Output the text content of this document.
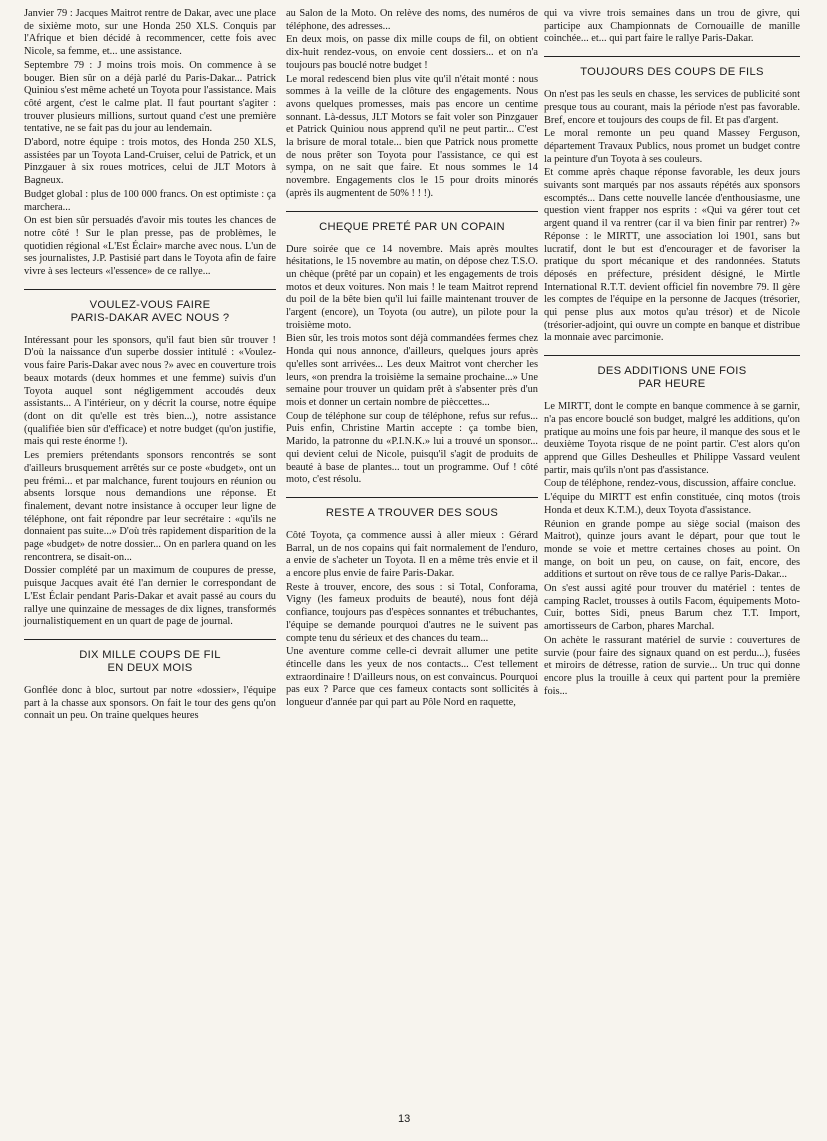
Janvier 79 : Jacques Maitrot rentre de Dakar, avec une place de sixième moto, sur une Honda 250 XLS. Conquis par l'Afrique et bien décidé à recommencer, cette fois avec Nicole, sa femme, et... une assistance.

Septembre 79 : J moins trois mois. On commence à se bouger. Bien sûr on a déjà parlé du Paris-Dakar... Patrick Quiniou s'est même acheté un Toyota pour l'assistance. Mais côté argent, c'est le calme plat. Il faut pourtant s'agiter : trouver plusieurs millions, surtout quand c'est une première tentative, ne se fait pas du jour au lendemain.

D'abord, notre équipe : trois motos, des Honda 250 XLS, assistées par un Toyota Land-Cruiser, celui de Patrick, et un Pinzgauer à six roues motrices, celui de JLT Motors à Bagneux.

Budget global : plus de 100 000 francs. On est optimiste : ça marchera...

On est bien sûr persuadés d'avoir mis toutes les chances de notre côté ! Sur le plan presse, pas de problèmes, le quotidien régional «L'Est Éclair» marche avec nous. L'un de ses journalistes, J.P. Pastisié part dans le Toyota afin de faire vivre à ses lecteurs «l'essence» de ce rallye...

VOULEZ-VOUS FAIRE
PARIS-DAKAR AVEC NOUS ?

Intéressant pour les sponsors, qu'il faut bien sûr trouver ! D'où la naissance d'un superbe dossier intitulé : «Voulez-vous faire Paris-Dakar avec nous ?» avec en couverture trois beaux motards (deux hommes et une femme) suivis d'un Toyota auquel sont négligemment accoudés deux assistants... A l'intérieur, on y décrit la course, notre équipe (dont on dit qu'elle est très bien...), notre assistance (qualifiée bien sûr d'efficace) et notre budget (qu'on justifie, mais qui reste énorme !).

Les premiers prétendants sponsors rencontrés se sont d'ailleurs brusquement arrêtés sur ce poste «budget», ont un peu frémi... et par malchance, furent toujours en réunion ou absents lorsque nous demandions une réponse. Et finalement, devant notre insistance à occuper leur ligne de téléphone, ont fait répondre par leur secrétaire : «qu'ils ne donnaient pas suite...» D'où très rapidement disparition de la page «budget» de notre dossier... On en parlera quand on les rencontrera, se disait-on...

Dossier complété par un maximum de coupures de presse, puisque Jacques avait été l'an dernier le correspondant de L'Est Éclair pendant Paris-Dakar et avait passé au cours du rallye une quinzaine de messages de dix lignes, transformés journalistiquement en un quart de page de journal.

DIX MILLE COUPS DE FIL
EN DEUX MOIS

Gonflée donc à bloc, surtout par notre «dossier», l'équipe part à la chasse aux sponsors. On fait le tour des gens qu'on connait un peu. On traine quelques heures

au Salon de la Moto. On relève des noms, des numéros de téléphone, des adresses...

En deux mois, on passe dix mille coups de fil, on obtient dix-huit rendez-vous, on envoie cent dossiers... et on n'a toujours pas bouclé notre budget !

Le moral redescend bien plus vite qu'il n'était monté : nous sommes à la veille de la clôture des engagements. Nous avons quelques promesses, mais pas encore un centime sonnant. Là-dessus, JLT Motors se fait voler son Pinzgauer et Patrick Quiniou nous apprend qu'il ne peut partir... C'est la brisure de moral totale... bien que Patrick nous promette de nous prêter son Toyota pour l'assistance, ce qui est sympa, on ne sait que faire. Et nous sommes le 14 novembre. Engagements clos le 15 pour droits minorés (après ils augmentent de 50% ! ! !).

CHEQUE PRETÉ PAR UN COPAIN

Dure soirée que ce 14 novembre. Mais après moultes hésitations, le 15 novembre au matin, on dépose chez T.S.O. un chèque (prêté par un copain) et les engagements de trois motos et deux voitures. Non mais ! le team Maitrot reprend du poil de la bête bien qu'il lui faille maintenant trouver de l'argent (encore), un Toyota (ou autre), un pilote pour la troisième moto.

Bien sûr, les trois motos sont déjà commandées fermes chez Honda qui nous annonce, d'ailleurs, quelques jours après qu'elles sont arrivées... Les deux Maitrot vont chercher les leurs, «on prendra la troisième la semaine prochaine...» Une semaine pour trouver un quidam prêt à s'absenter près d'un mois et donner un certain nombre de pièccettes...

Coup de téléphone sur coup de téléphone, refus sur refus... Puis enfin, Christine Martin accepte : ça tombe bien, Marido, la patronne du «P.I.N.K.» lui a trouvé un sponsor... qui devient celui de Nicole, puisqu'il s'agit de produits de beauté à base de plantes... tout un programme. Ouf ! côté moto, c'est résolu.

RESTE A TROUVER DES SOUS

Côté Toyota, ça commence aussi à aller mieux : Gérard Barral, un de nos copains qui fait normalement de l'enduro, a envie de s'acheter un Toyota. Il en a même très envie et il a encore plus envie de faire Paris-Dakar.

Reste à trouver, encore, des sous : si Total, Conforama, Vigny (les fameux produits de beauté), nous font déjà confiance, toujours pas d'espèces sonnantes et trébuchantes, l'équipe se demande pourquoi d'autres ne le suivent pas compte tenu du sérieux et des chances du team...

Une aventure comme celle-ci devrait allumer une petite étincelle dans les yeux de nos contacts... C'est tellement extraordinaire ! D'ailleurs nous, on est convaincus. Pourquoi pas eux ? Parce que ces fameux contacts sont sollicités à longueur d'année par qui part au Pôle Nord en raquette,

qui va vivre trois semaines dans un trou de givre, qui participe aux Championnats de Cornouaille de manille coinchée... et... qui part faire le rallye Paris-Dakar.

TOUJOURS DES COUPS DE FILS

On n'est pas les seuls en chasse, les services de publicité sont presque tous au courant, mais la période n'est pas favorable. Bref, encore et toujours des coups de fil. Et pas d'argent.

Le moral remonte un peu quand Massey Ferguson, département Travaux Publics, nous promet un budget contre la peinture d'un Toyota à ses couleurs.

Et comme après chaque réponse favorable, les deux jours suivants sont marqués par nos assauts répétés aux sponsors escomptés... Dans cette nouvelle lancée d'enthousiasme, une question vient frapper nos esprits : «Qui va gérer tout cet argent quand il va rentrer (car il va bien finir par rentrer) ?» Réponse : le MIRTT, une association loi 1901, sans but lucratif, dont le but est d'encourager et de favoriser la pratique du sport mécanique et des randonnées. Statuts déposés en préfecture, président désigné, le Mirtle International R.T.T. devient officiel fin novembre 79. Il gère les comptes de l'équipe en la personne de Jacques (trésorier, qui pense plus aux motos qu'au trésor) et de Nicole (trésorier-adjoint, qui ouvre un compte en banque et distribue la monnaie avec parcimonie.

DES ADDITIONS UNE FOIS
PAR HEURE

Le MIRTT, dont le compte en banque commence à se garnir, n'a pas encore bouclé son budget, malgré les additions, qu'on pratique au moins une fois par heure, il manque des sous et le deuxième Toyota risque de ne point partir. C'est alors qu'on apprend que Gilles Desheulles et Philippe Vassard veulent partir, mais qu'ils n'ont pas d'assistance.

Coup de téléphone, rendez-vous, discussion, affaire conclue.

L'équipe du MIRTT est enfin constituée, cinq motos (trois Honda et deux K.T.M.), deux Toyota d'assistance.

Réunion en grande pompe au siège social (maison des Maitrot), quinze jours avant le départ, pour que tout le monde se voie et mettre certaines choses au point. On mange, on boit un peu, on cause, on fait, encore, des additions et surtout on rêve tous de ce rallye Paris-Dakar...

On s'est aussi agité pour trouver du matériel : tentes de camping Raclet, trousses à outils Facom, équipements Moto-Cuir, bottes Sidi, pneus Barum chez T.T. Import, amortisseurs de Carbon, phares Marchal.

On achète le rassurant matériel de survie : couvertures de survie (pour faire des signaux quand on est perdu...), fusées et miroirs de détresse, ration de survie... Un truc qui donne encore plus la trouille à ceux qui partent pour la première fois...

13
